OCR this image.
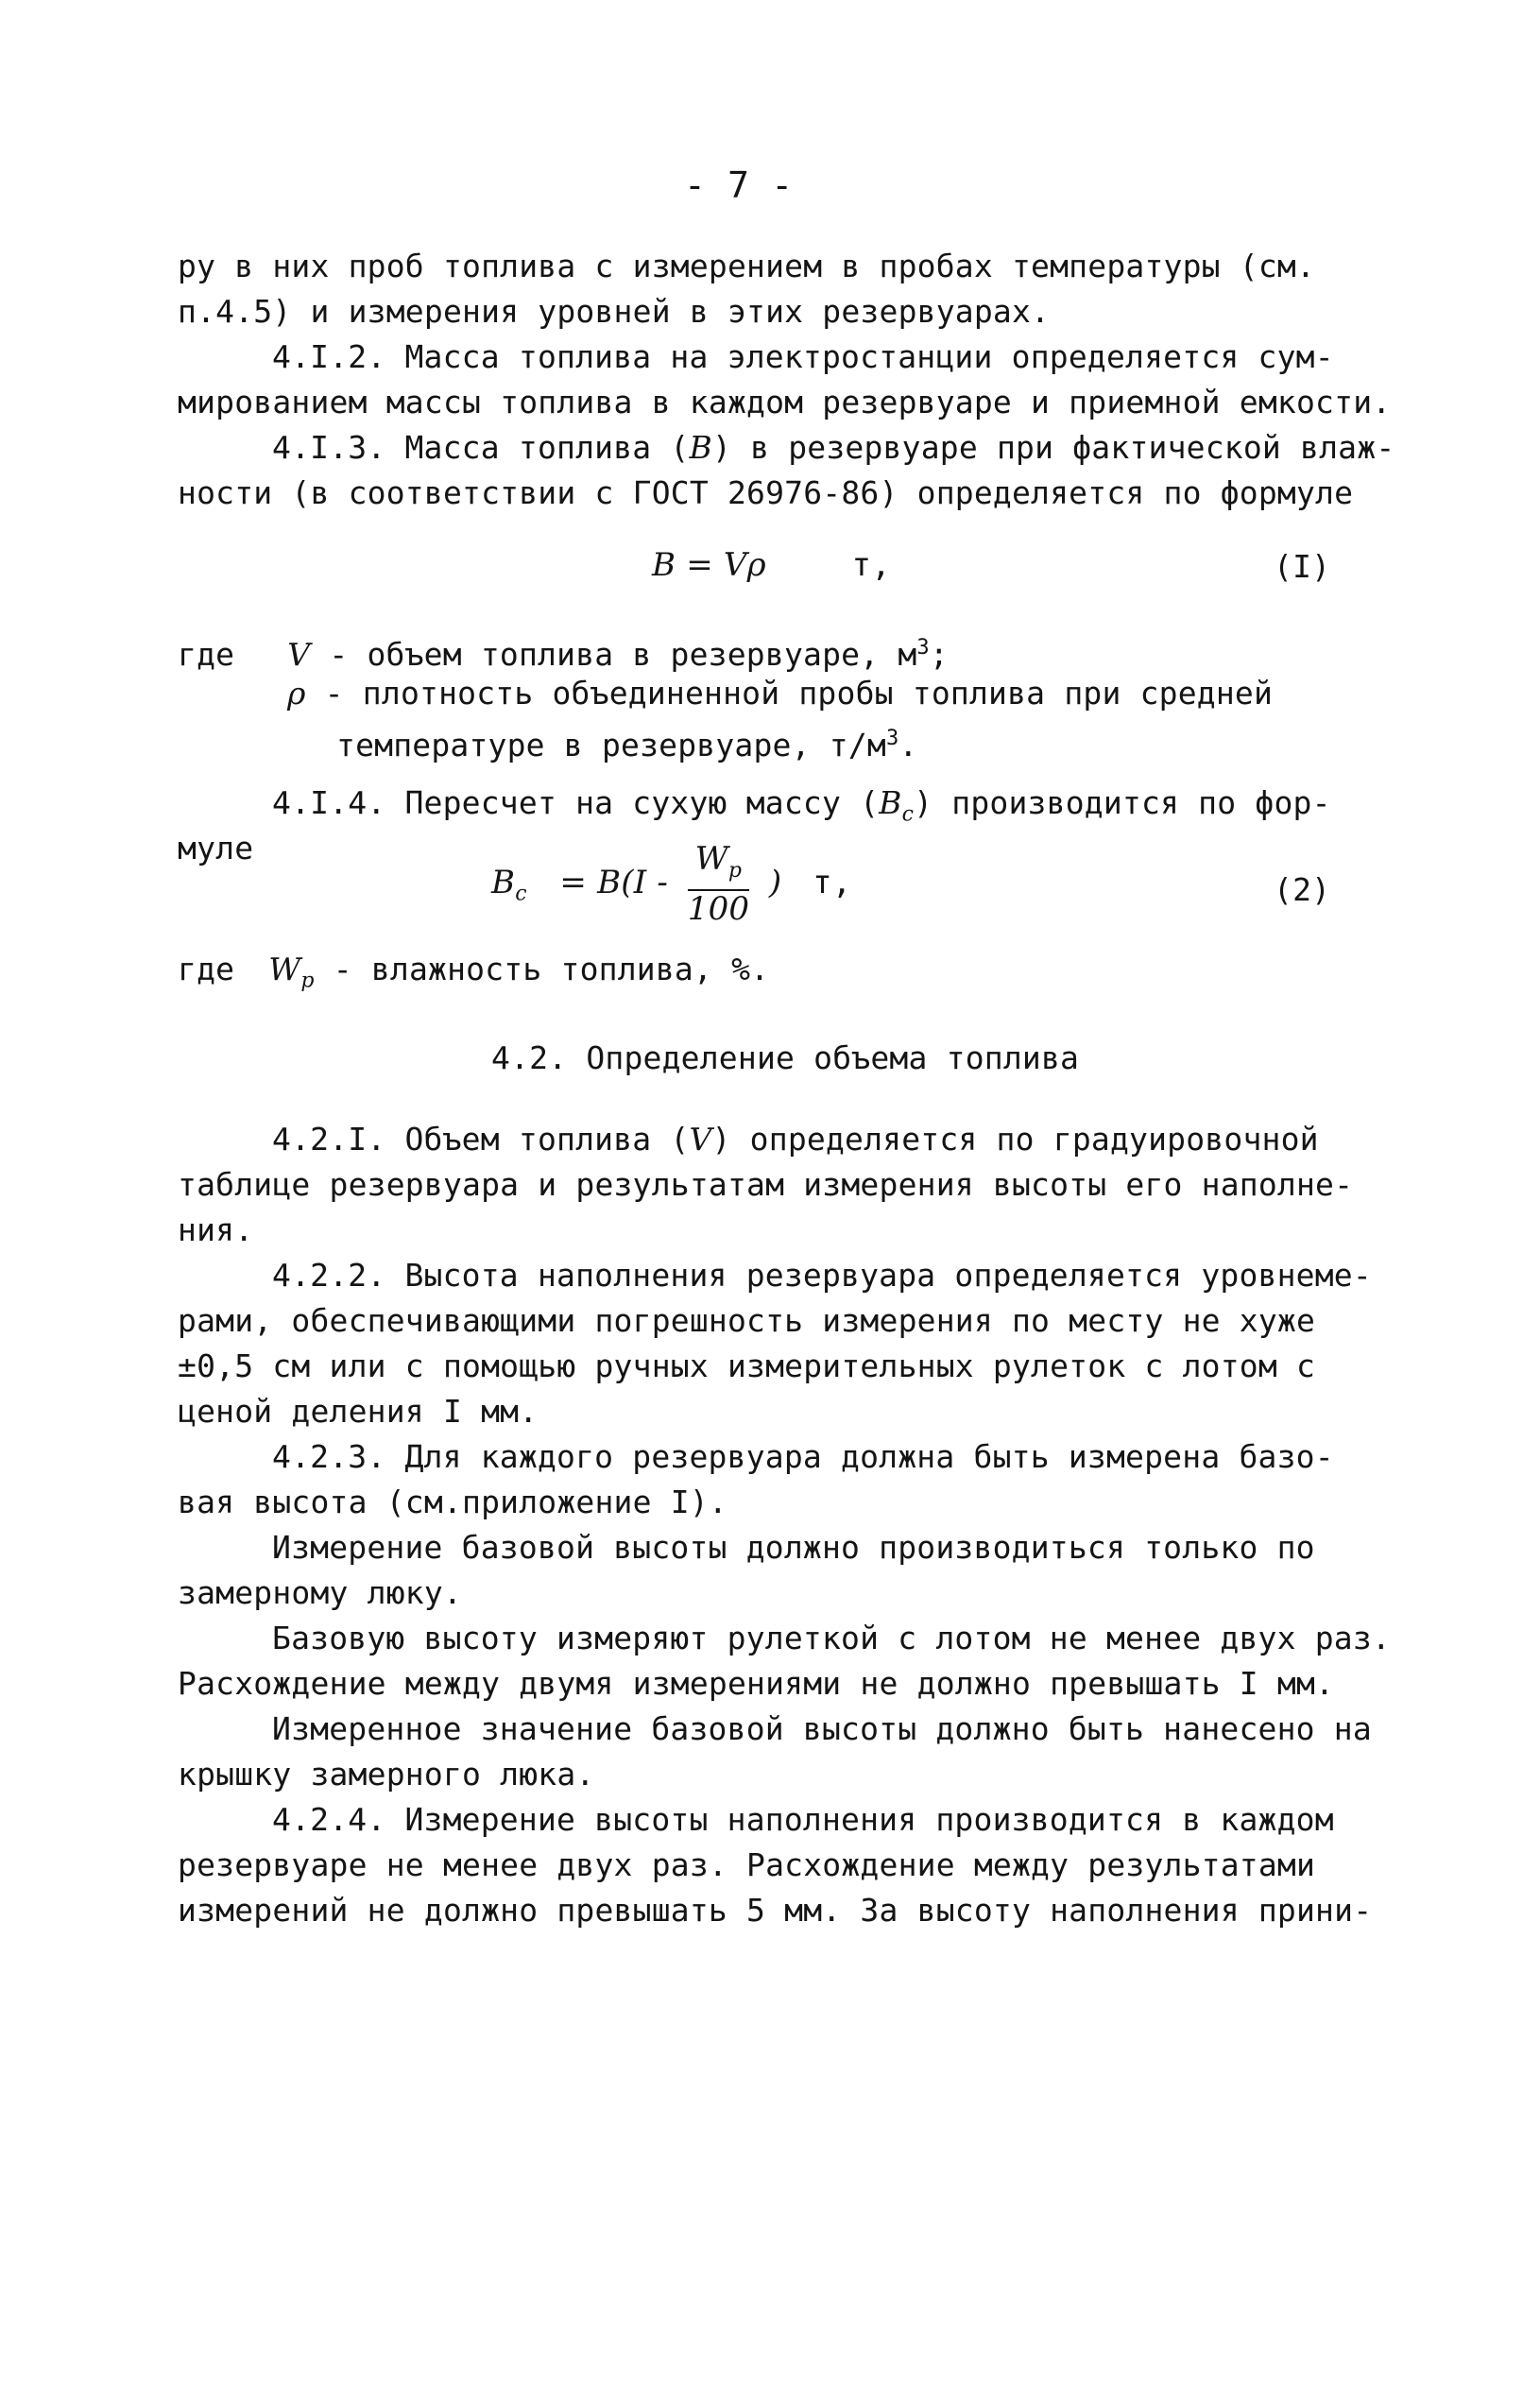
- 7 -
ру в них проб топлива с измерением в пробах температуры (см.
п.4.5) и измерения уровней в этих резервуарах.
4.I.2. Масса топлива на электростанции определяется сум-
мированием массы топлива в каждом резервуаре и приемной емкости.
4.I.3. Масса топлива (В) в резервуаре при фактической влаж-
ности (в соответствии с ГОСТ 26976-86) определяется по формуле
В = Vρ	т,	(I)
где V - объем топлива в резервуаре, $м^3$;
ρ - плотность объединенной пробы топлива при средней
температуре в резервуаре, $т/м^3$.
4.I.4. Пересчет на сухую массу $(В_с)$ производится по фор-
муле
$В_с = В(I - \frac{W_p}{100}$ ) т,	(2)
где $W_p$ - влажность топлива, %.
4.2. Определение объема топлива
4.2.I. Объем топлива (V) определяется по градуировочной
таблице резервуара и результатам измерения высоты его наполне-
ния.
4.2.2. Высота наполнения резервуара определяется уровнеме-
рами, обеспечивающими погрешность измерения по месту не хуже
±0,5 см или с помощью ручных измерительных рулеток с лотом с
ценой деления I мм.
4.2.3. Для каждого резервуара должна быть измерена базо-
вая высота (см.приложение I).
Измерение базовой высоты должно производиться только по
замерному люку.
Базовую высоту измеряют рулеткой с лотом не менее двух раз.
Расхождение между двумя измерениями не должно превышать I мм.
Измеренное значение базовой высоты должно быть нанесено на
крышку замерного люка.
4.2.4. Измерение высоты наполнения производится в каждом
резервуаре не менее двух раз. Расхождение между результатами
измерений не должно превышать 5 мм. За высоту наполнения прини-
